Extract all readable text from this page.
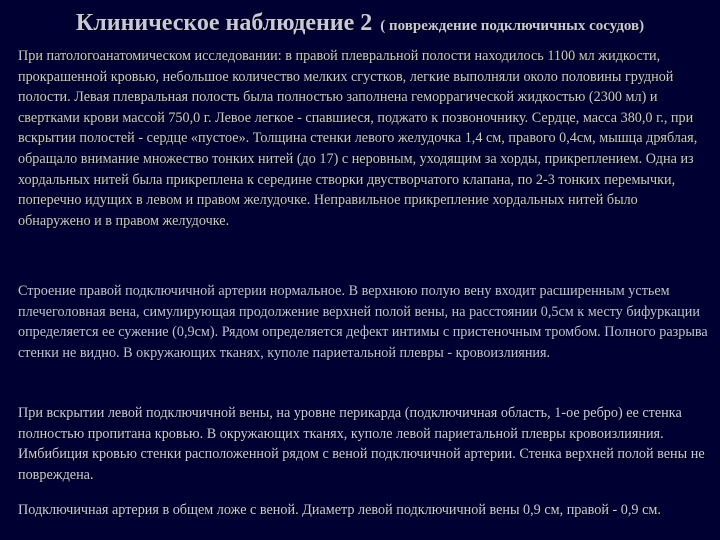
Клиническое наблюдение 2 ( повреждение подключичных сосудов)

При патологоанатомическом исследовании: в правой плевральной полости находилось 1100 мл жидкости, прокрашенной кровью, небольшое количество мелких сгустков, легкие выполняли около половины грудной полости. Левая плевральная полость была полностью заполнена геморрагической жидкостью (2300 мл) и свертками крови массой 750,0 г. Левое легкое - спавшиеся, поджато к позвоночнику. Сердце, масса 380,0 г., при вскрытии полостей - сердце «пустое». Толщина стенки левого желудочка 1,4 см, правого 0,4см, мышца дряблая, обращало внимание множество тонких нитей (до 17) с неровным, уходящим за хорды, прикреплением. Одна из хордальных нитей была прикреплена к середине створки двустворчатого клапана, по 2-3 тонких перемычки, поперечно идущих в левом и правом желудочке. Неправильное прикрепление хордальных нитей было обнаружено и в правом желудочке.

Строение правой подключичной артерии нормальное. В верхнюю полую вену входит расширенным устьем плечеголовная вена, симулирующая продолжение верхней полой вены, на расстоянии 0,5см к месту бифуркации определяется ее сужение (0,9см). Рядом определяется дефект интимы с пристеночным тромбом. Полного разрыва стенки не видно. В окружающих тканях, куполе париетальной плевры - кровоизлияния.

При вскрытии левой подключичной вены, на уровне перикарда (подключичная область, 1-ое ребро) ее стенка полностью пропитана кровью. В окружающих тканях, куполе левой париетальной плевры кровоизлияния. Имбибиция кровью стенки расположенной рядом с веной подключичной артерии. Стенка верхней полой вены не повреждена.

Подключичная артерия в общем ложе с веной. Диаметр левой подключичной вены 0,9 см, правой - 0,9 см.
